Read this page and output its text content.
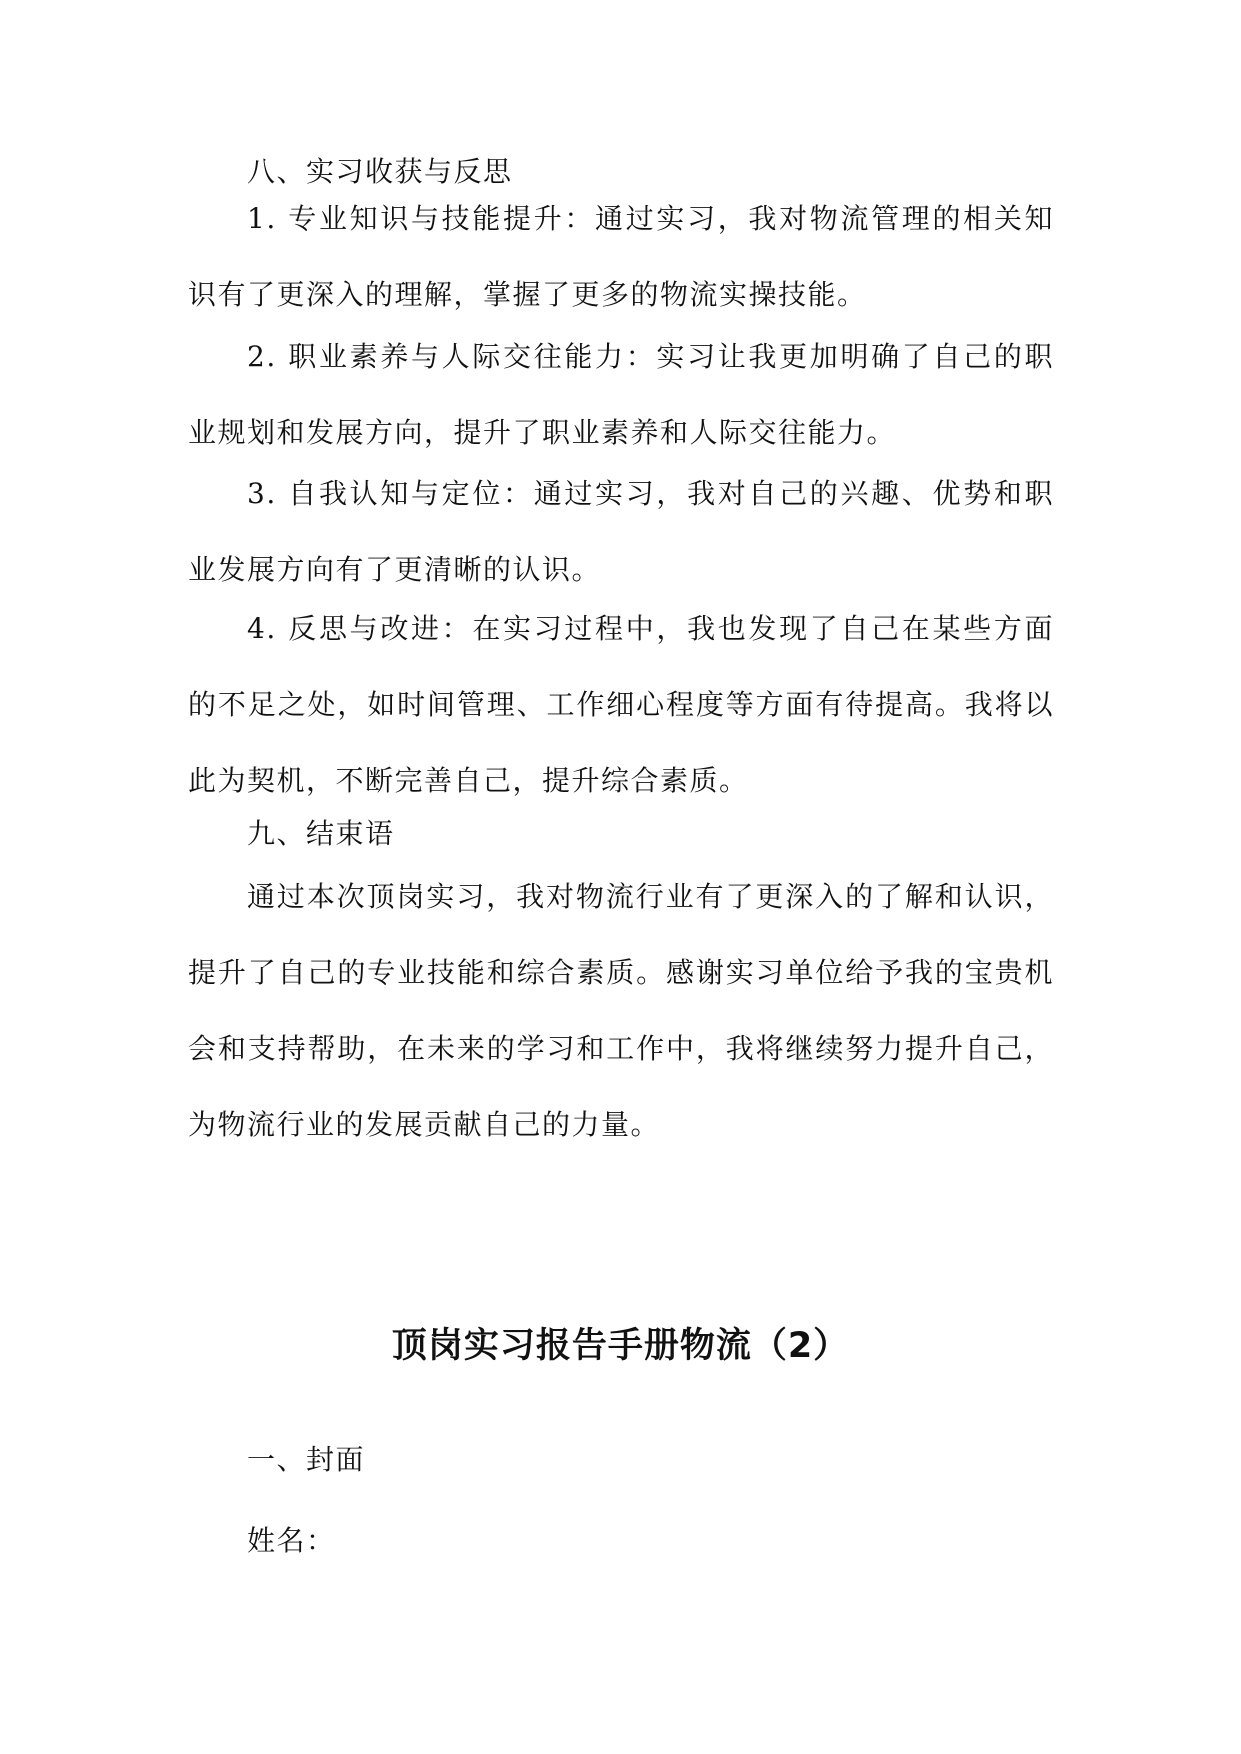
八、实习收获与反思

1. 专业知识与技能提升：通过实习，我对物流管理的相关知识有了更深入的理解，掌握了更多的物流实操技能。

2. 职业素养与人际交往能力：实习让我更加明确了自己的职业规划和发展方向，提升了职业素养和人际交往能力。

3. 自我认知与定位：通过实习，我对自己的兴趣、优势和职业发展方向有了更清晰的认识。

4. 反思与改进：在实习过程中，我也发现了自己在某些方面的不足之处，如时间管理、工作细心程度等方面有待提高。我将以此为契机，不断完善自己，提升综合素质。

九、结束语

通过本次顶岗实习，我对物流行业有了更深入的了解和认识，提升了自己的专业技能和综合素质。感谢实习单位给予我的宝贵机会和支持帮助，在未来的学习和工作中，我将继续努力提升自己，为物流行业的发展贡献自己的力量。

顶岗实习报告手册物流（2）

一、封面

姓名：
